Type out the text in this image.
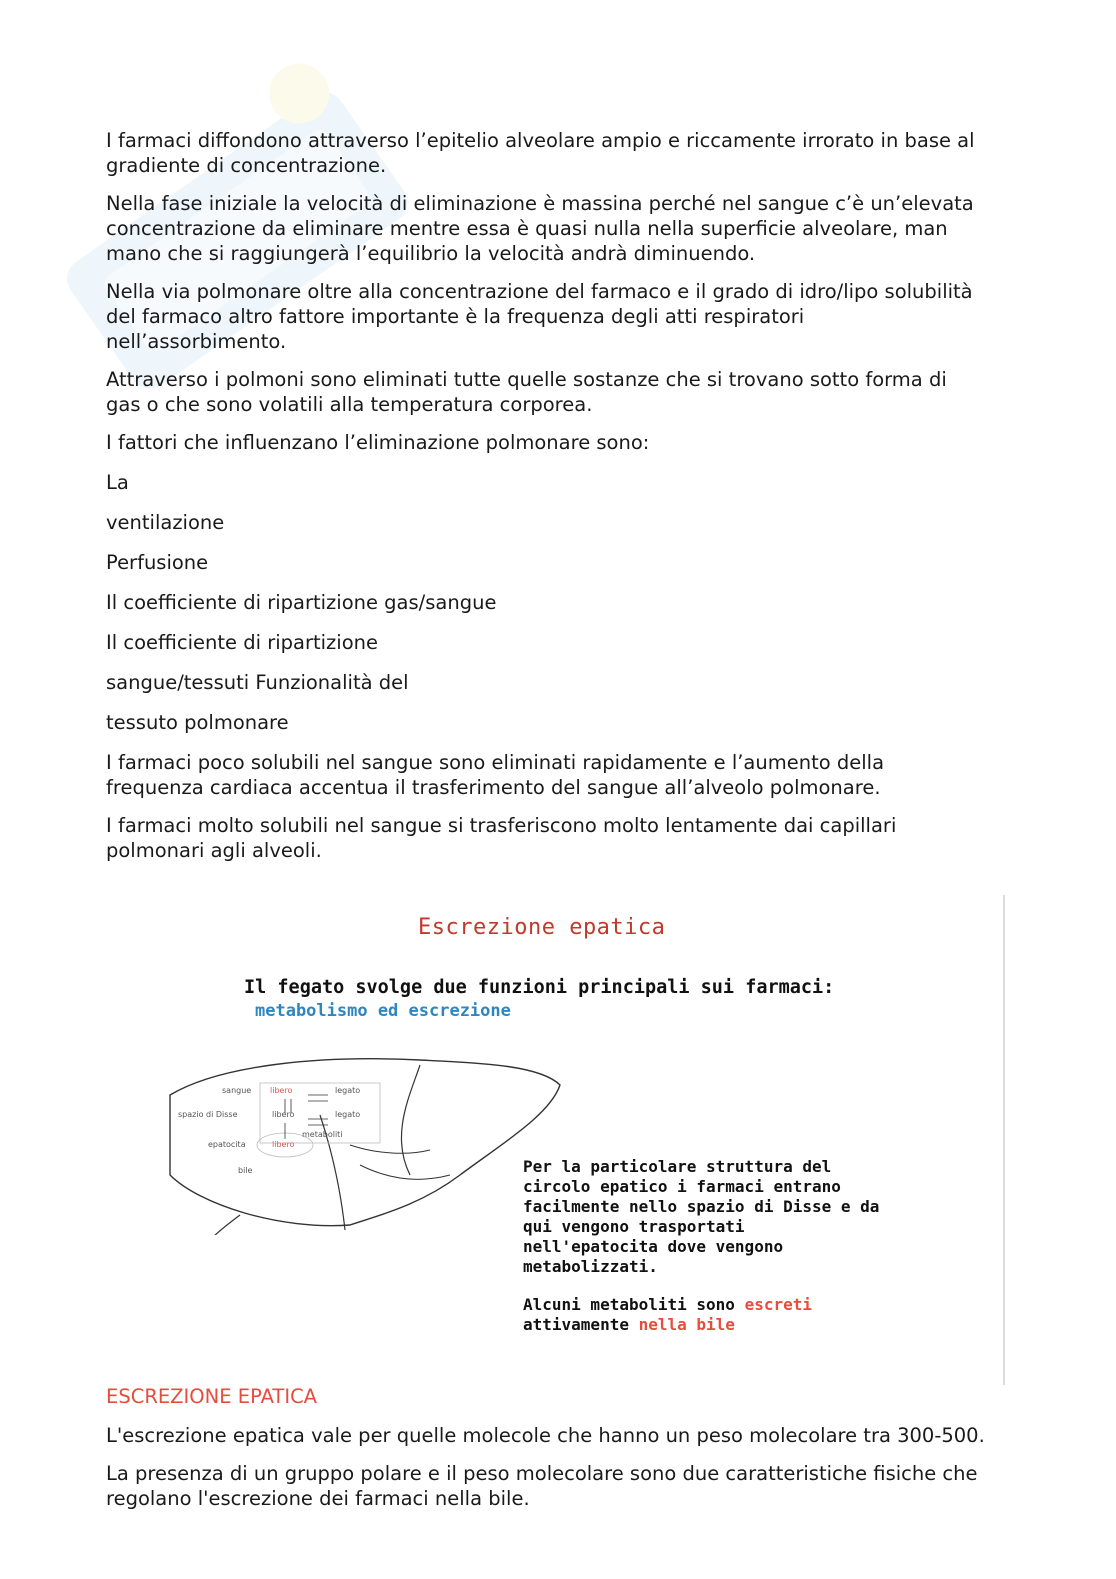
I farmaci diffondono attraverso l’epitelio alveolare ampio e riccamente irrorato in base al gradiente di concentrazione.

Nella fase iniziale la velocità di eliminazione è massina perché nel sangue c’è un’elevata concentrazione da eliminare mentre essa è quasi nulla nella superficie alveolare, man mano che si raggiungerà l’equilibrio la velocità andrà diminuendo.

Nella via polmonare oltre alla concentrazione del farmaco e il grado di idro/lipo solubilità del farmaco altro fattore importante è la frequenza degli atti respiratori nell’assorbimento.

Attraverso i polmoni sono eliminati tutte quelle sostanze che si trovano sotto forma di gas o che sono volatili alla temperatura corporea.

I fattori che influenzano l’eliminazione polmonare sono:

La

ventilazione

Perfusione

Il coefficiente di ripartizione gas/sangue

Il coefficiente di ripartizione

sangue/tessuti Funzionalità del

tessuto polmonare

I farmaci poco solubili nel sangue sono eliminati rapidamente e l’aumento della frequenza cardiaca accentua il trasferimento del sangue all’alveolo polmonare.

I farmaci molto solubili nel sangue si trasferiscono molto lentamente dai capillari polmonari agli alveoli.

Escrezione epatica
Il fegato svolge due funzioni principali sui farmaci:
metabolismo ed escrezione
sangue libero	legato
spazio di Disse	libero	legato
epatocita	libero
metaboliti
bile	Per la particolare struttura del circolo epatico i farmaci entrano facilmente nello spazio di Disse e da qui vengono trasportati nell'epatocita dove vengono metabolizzati.
Alcuni metaboliti sono escreti
attivamente nella bile

ESCREZIONE EPATICA

L'escrezione epatica vale per quelle molecole che hanno un peso molecolare tra 300-500.

La presenza di un gruppo polare e il peso molecolare sono due caratteristiche fisiche che regolano l'escrezione dei farmaci nella bile.
